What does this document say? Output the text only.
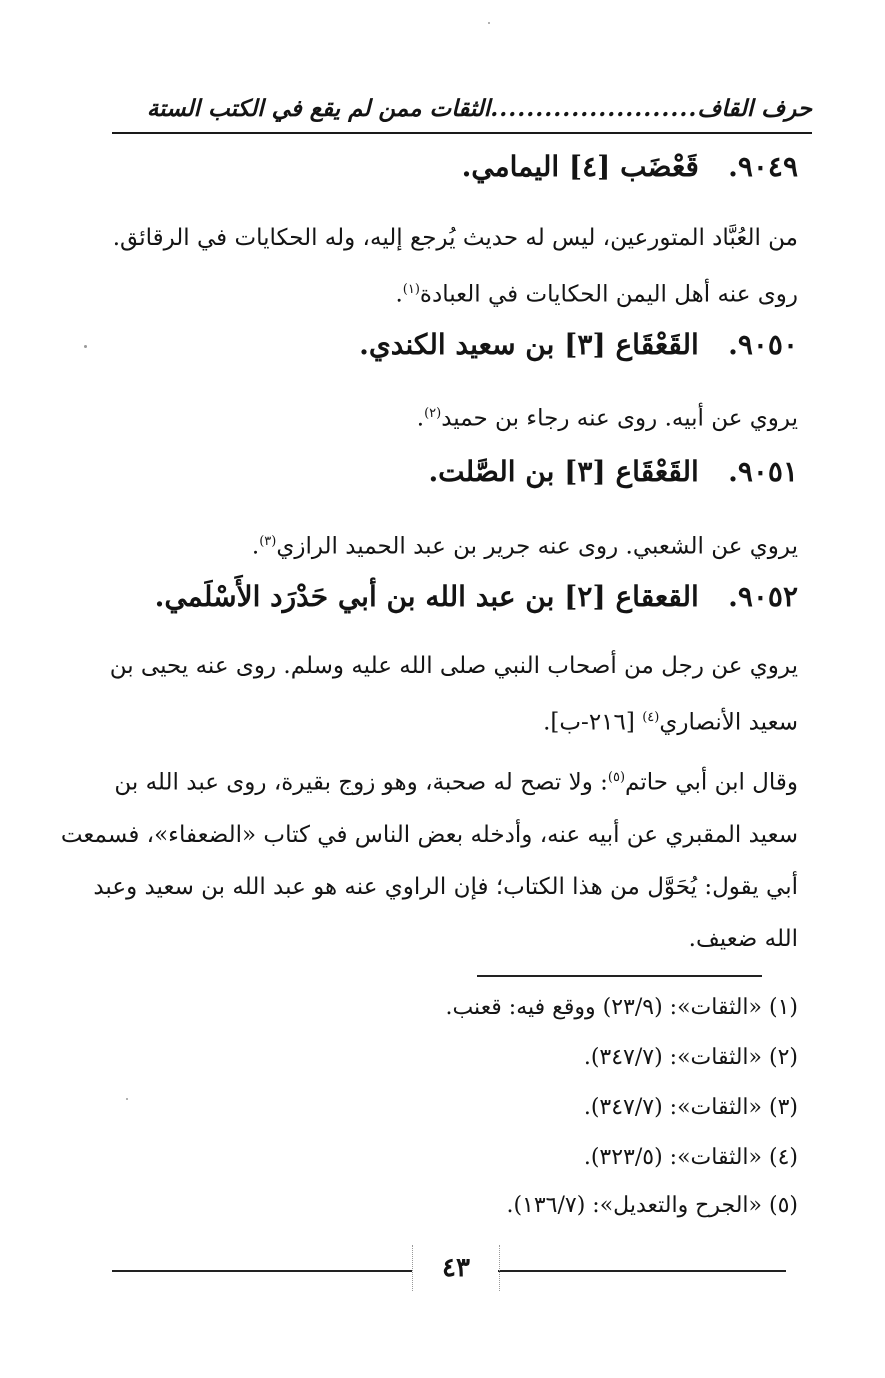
حرف القاف
.......................
الثقات ممن لم يقع في الكتب الستة
٩٠٤٩.   قَعْضَب [٤] اليمامي.
من العُبَّاد المتورعين، ليس له حديث يُرجع إليه، وله الحكايات في الرقائق.
روى عنه أهل اليمن الحكايات في العبادة$^{(١)}$.
٩٠٥٠.   القَعْقَاع [٣] بن سعيد الكندي.
يروي عن أبيه. روى عنه رجاء بن حميد$^{(٢)}$.
٩٠٥١.   القَعْقَاع [٣] بن الصَّلت.
يروي عن الشعبي. روى عنه جرير بن عبد الحميد الرازي$^{(٣)}$.
٩٠٥٢.   القعقاع [٢] بن عبد الله بن أبي حَدْرَد الأَسْلَمي.
يروي عن رجل من أصحاب النبي صلى الله عليه وسلم. روى عنه يحيى بن
سعيد الأنصاري$^{(٤)}$ [٢١٦-ب].
وقال ابن أبي حاتم$^{(٥)}$: ولا تصح له صحبة، وهو زوج بقيرة، روى عبد الله بن
سعيد المقبري عن أبيه عنه، وأدخله بعض الناس في كتاب «الضعفاء»، فسمعت
أبي يقول: يُحَوَّل من هذا الكتاب؛ فإن الراوي عنه هو عبد الله بن سعيد وعبد
الله ضعيف.
(١) «الثقات»: (٢٣/٩) ووقع فيه: قعنب.
(٢) «الثقات»: (٣٤٧/٧).
(٣) «الثقات»: (٣٤٧/٧).
(٤) «الثقات»: (٣٢٣/٥).
(٥) «الجرح والتعديل»: (١٣٦/٧).
٤٣
